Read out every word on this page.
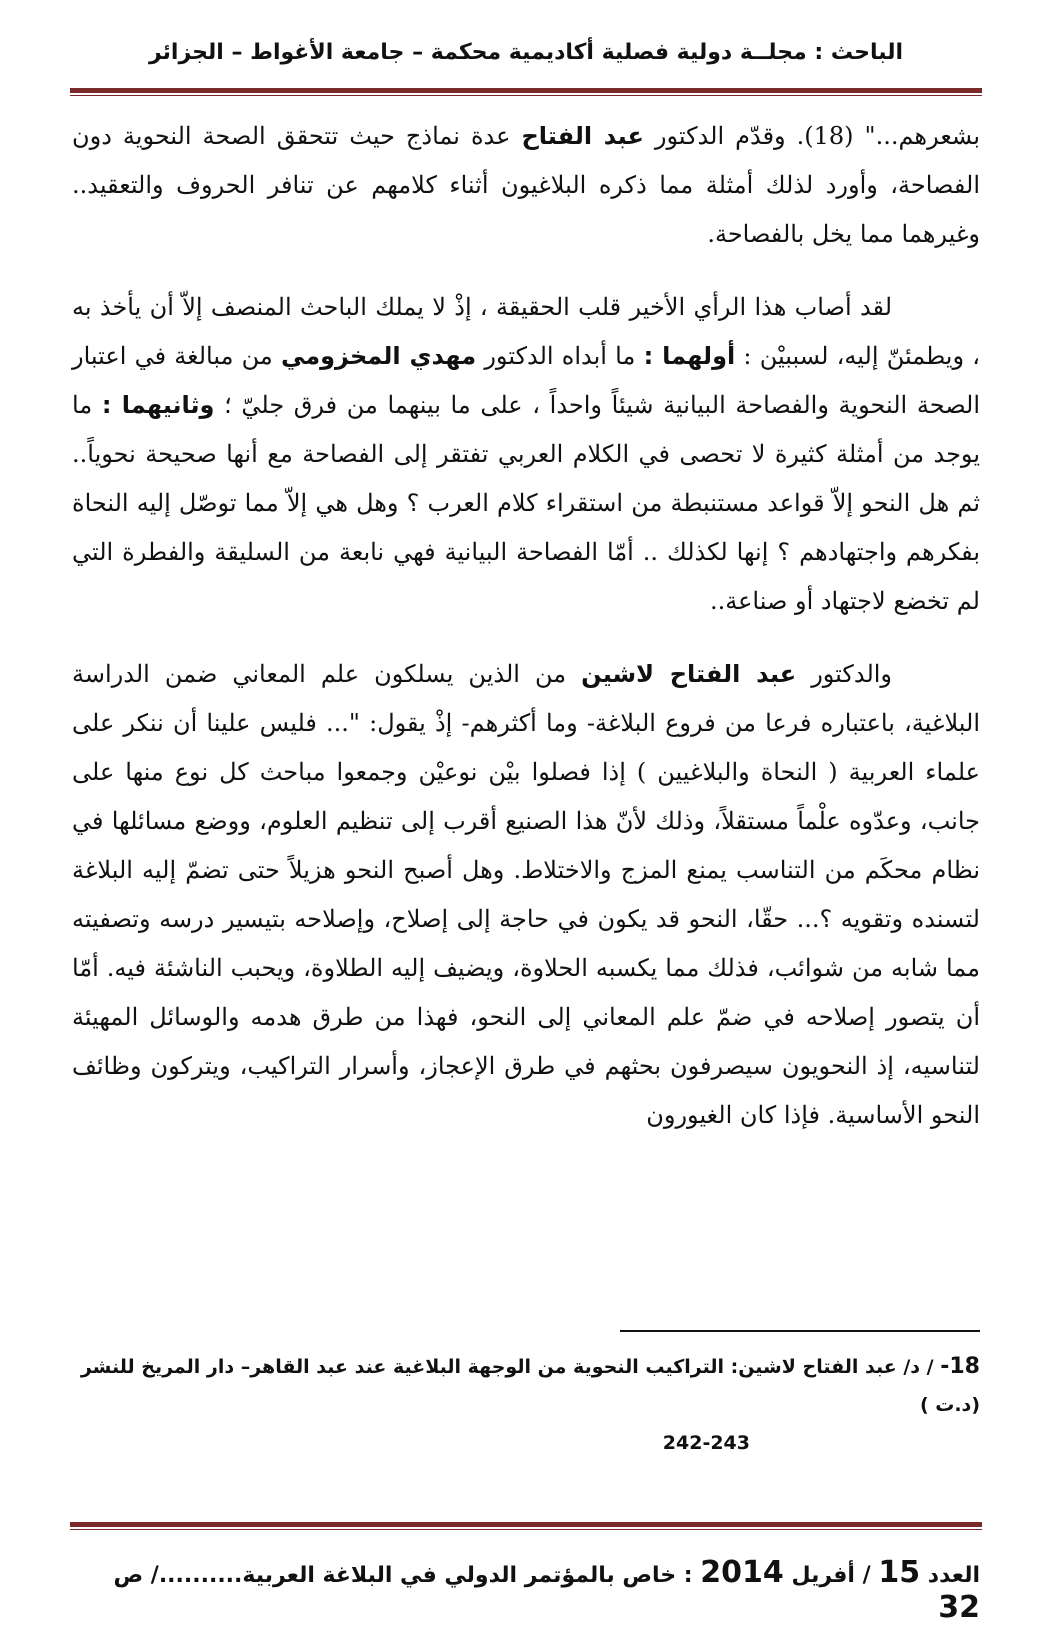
الباحث : مجلــة دولية فصلية أكاديمية محكمة – جامعة الأغواط – الجزائر

بشعرهم..." (18). وقدّم الدكتور عبد الفتاح عدة نماذج حيث تتحقق الصحة النحوية دون الفصاحة، وأورد لذلك أمثلة مما ذكره البلاغيون أثناء كلامهم عن تنافر الحروف والتعقيد.. وغيرهما مما يخل بالفصاحة.

لقد أصاب هذا الرأي الأخير قلب الحقيقة ، إذْ لا يملك الباحث المنصف إلاّ أن يأخذ به ، ويطمئنّ إليه، لسببيْن : أولهما : ما أبداه الدكتور مهدي المخزومي من مبالغة في اعتبار الصحة النحوية والفصاحة البيانية شيئاً واحداً ، على ما بينهما من فرق جليّ ؛ وثانيهما : ما يوجد من أمثلة كثيرة لا تحصى في الكلام العربي تفتقر إلى الفصاحة مع أنها صحيحة نحوياً.. ثم هل النحو إلاّ قواعد مستنبطة من استقراء كلام العرب ؟ وهل هي إلاّ مما توصّل إليه النحاة بفكرهم واجتهادهم ؟ إنها لكذلك .. أمّا الفصاحة البيانية فهي نابعة من السليقة والفطرة التي لم تخضع لاجتهاد أو صناعة..

والدكتور عبد الفتاح لاشين من الذين يسلكون علم المعاني ضمن الدراسة البلاغية، باعتباره فرعا من فروع البلاغة- وما أكثرهم- إذْ يقول: "... فليس علينا أن ننكر على علماء العربية ( النحاة والبلاغيين ) إذا فصلوا بيْن نوعيْن وجمعوا مباحث كل نوع منها على جانب، وعدّوه علْماً مستقلاً، وذلك لأنّ هذا الصنيع أقرب إلى تنظيم العلوم، ووضع مسائلها في نظام محكَم من التناسب يمنع المزج والاختلاط. وهل أصبح النحو هزيلاً حتى تضمّ إليه البلاغة لتسنده وتقويه ؟... حقّا، النحو قد يكون في حاجة إلى إصلاح، وإصلاحه بتيسير درسه وتصفيته مما شابه من شوائب، فذلك مما يكسبه الحلاوة، ويضيف إليه الطلاوة، ويحبب الناشئة فيه. أمّا أن يتصور إصلاحه في ضمّ علم المعاني إلى النحو، فهذا من طرق هدمه والوسائل المهيئة لتناسيه، إذ النحويون سيصرفون بحثهم في طرق الإعجاز، وأسرار التراكيب، ويتركون وظائف النحو الأساسية. فإذا كان الغيورون

18- / د/ عبد الفتاح لاشين: التراكيب النحوية من الوجهة البلاغية عند عبد القاهر– دار المريخ للنشر (د.ت )
242-243
العدد 15 / أفريل 2014 : خاص بالمؤتمر الدولي في البلاغة العربية........../ ص 32
